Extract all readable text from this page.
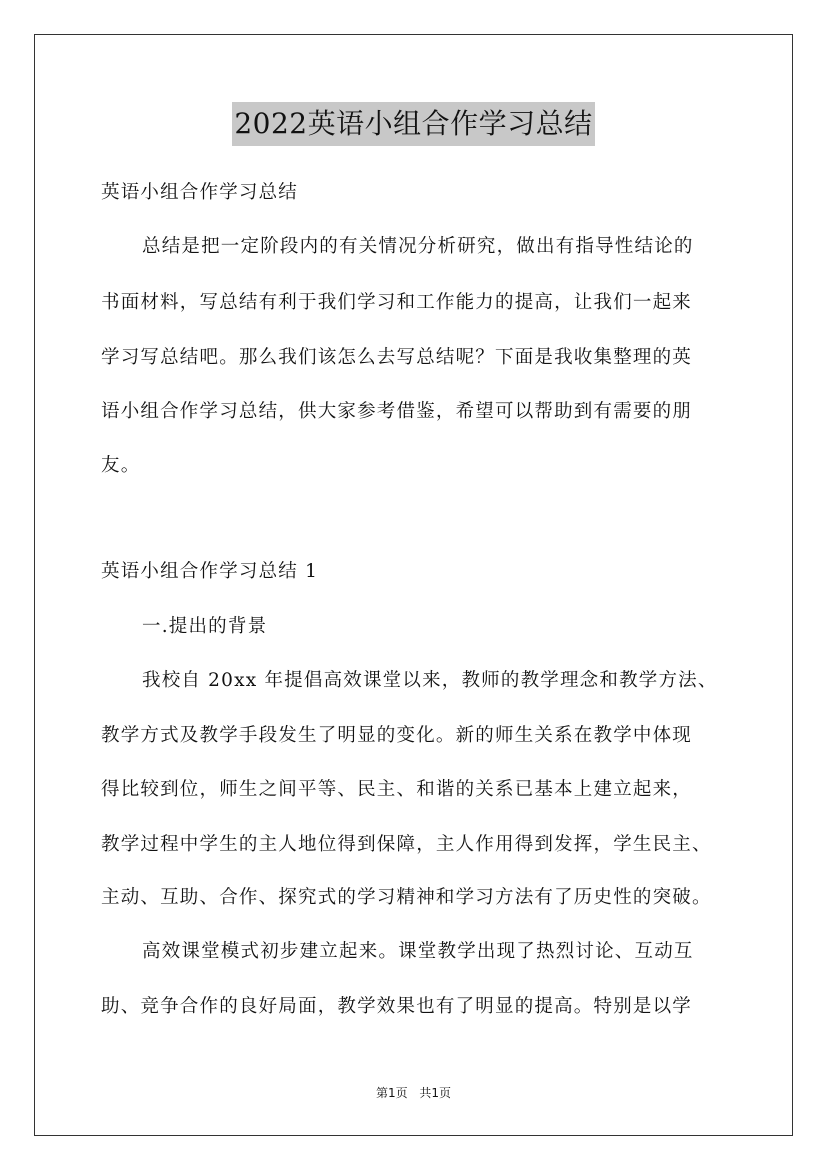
2022英语小组合作学习总结
英语小组合作学习总结
总结是把一定阶段内的有关情况分析研究，做出有指导性结论的
书面材料，写总结有利于我们学习和工作能力的提高，让我们一起来
学习写总结吧。那么我们该怎么去写总结呢？下面是我收集整理的英
语小组合作学习总结，供大家参考借鉴，希望可以帮助到有需要的朋
友。
英语小组合作学习总结 1
一.提出的背景
我校自 20xx 年提倡高效课堂以来，教师的教学理念和教学方法、
教学方式及教学手段发生了明显的变化。新的师生关系在教学中体现
得比较到位，师生之间平等、民主、和谐的关系已基本上建立起来，
教学过程中学生的主人地位得到保障，主人作用得到发挥，学生民主、
主动、互助、合作、探究式的学习精神和学习方法有了历史性的突破。
高效课堂模式初步建立起来。课堂教学出现了热烈讨论、互动互
助、竞争合作的良好局面，教学效果也有了明显的提高。特别是以学
第1页 共1页
